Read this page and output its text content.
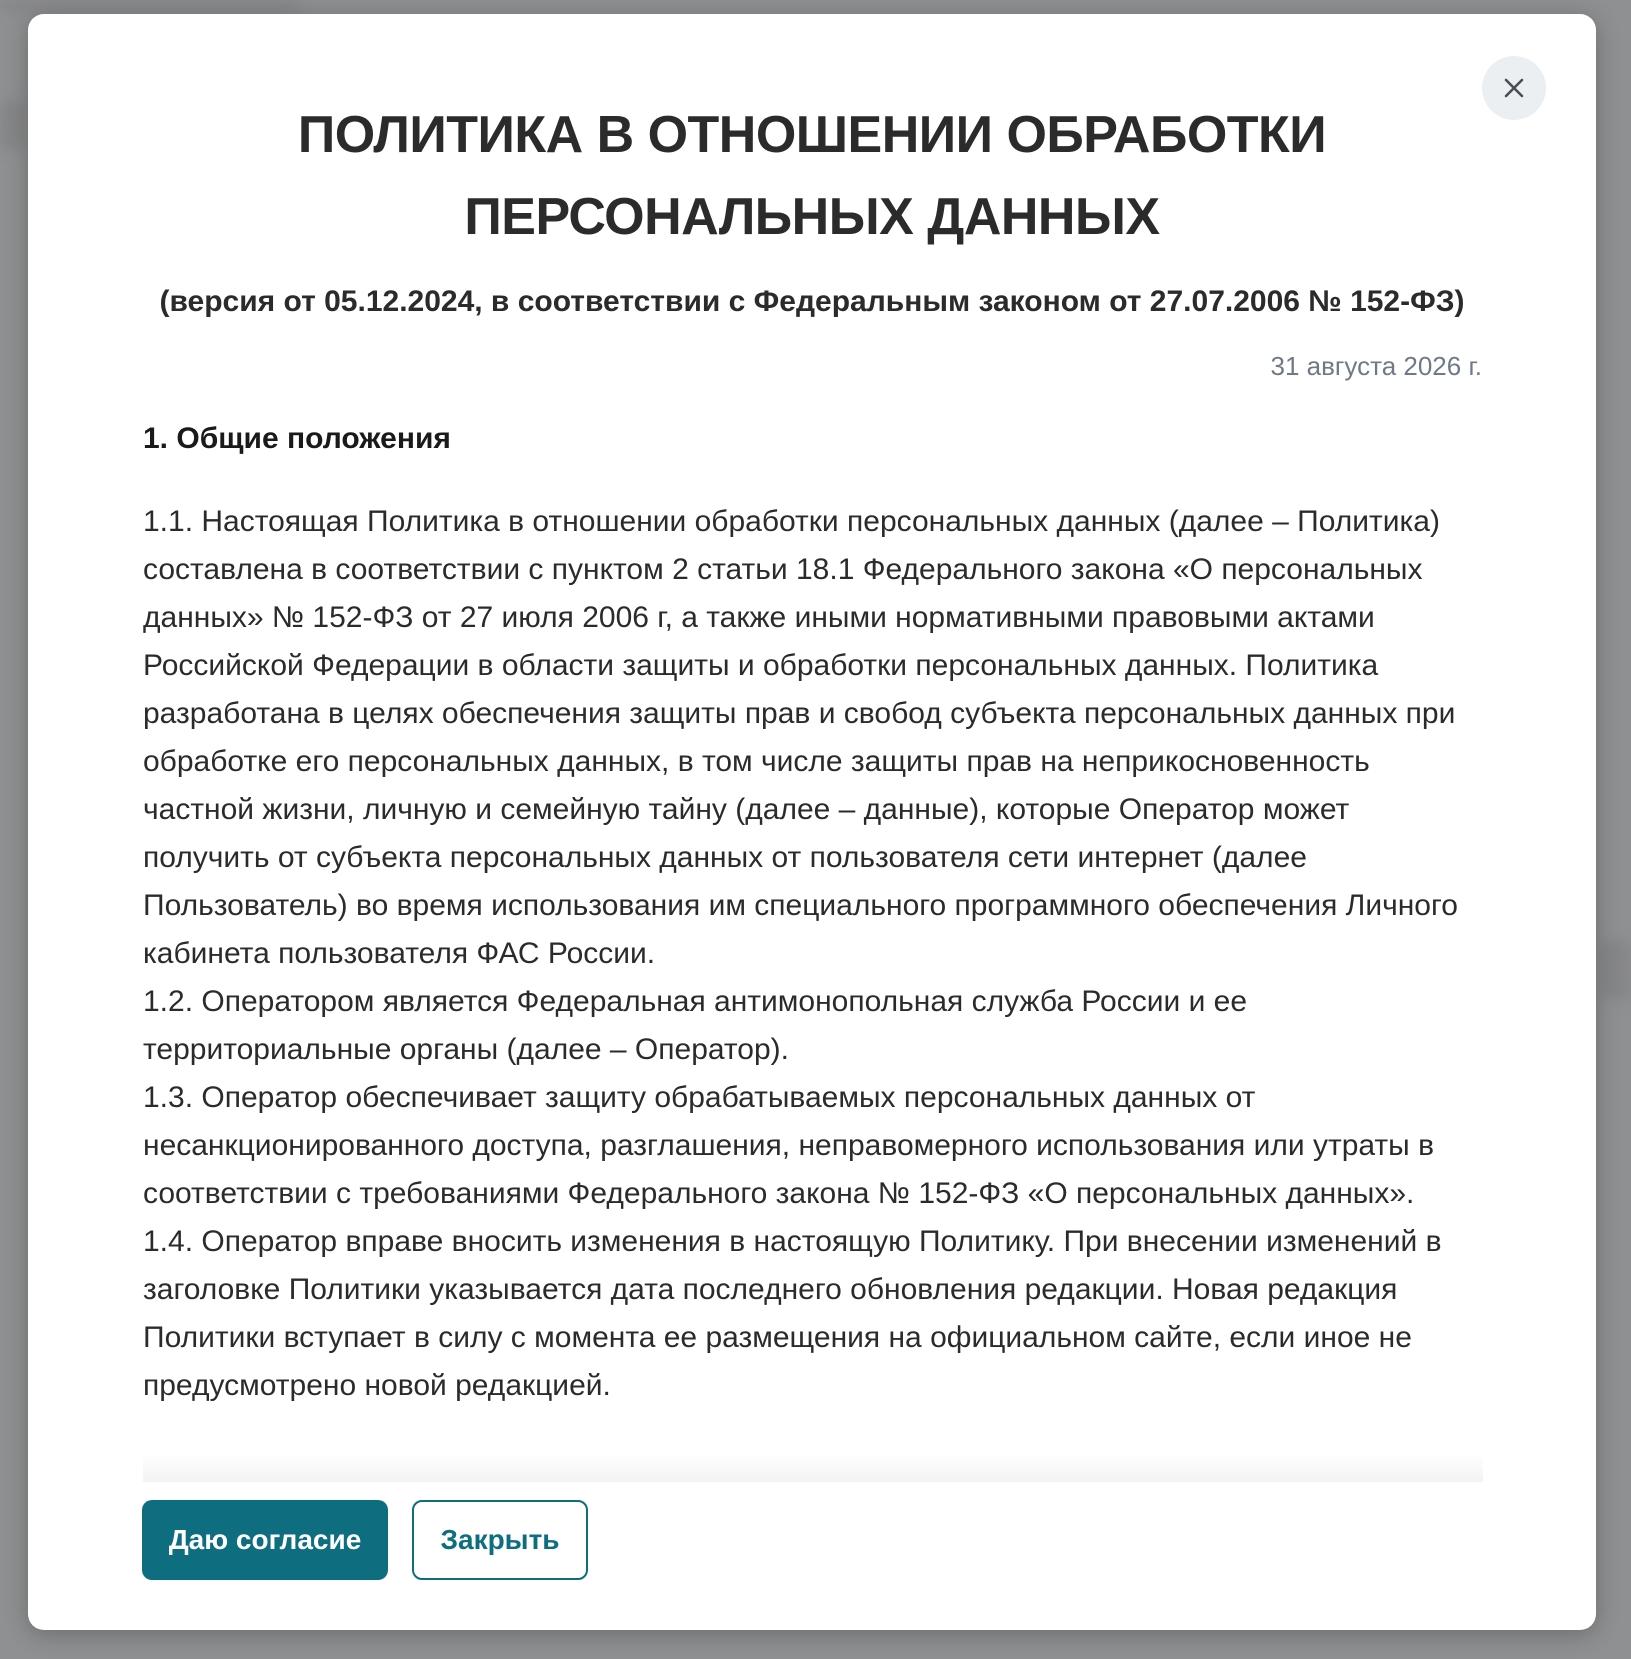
ПОЛИТИКА В ОТНОШЕНИИ ОБРАБОТКИ ПЕРСОНАЛЬНЫХ ДАННЫХ

(версия от 05.12.2024, в соответствии с Федеральным законом от 27.07.2006 № 152-ФЗ)

31 августа 2026 г.

1. Общие положения
1.1. Настоящая Политика в отношении обработки персональных данных (далее – Политика) составлена в соответствии с пунктом 2 статьи 18.1 Федерального закона «О персональных данных» № 152-ФЗ от 27 июля 2006 г, а также иными нормативными правовыми актами Российской Федерации в области защиты и обработки персональных данных. Политика разработана в целях обеспечения защиты прав и свобод субъекта персональных данных при обработке его персональных данных, в том числе защиты прав на неприкосновенность частной жизни, личную и семейную тайну (далее – данные), которые Оператор может получить от субъекта персональных данных от пользователя сети интернет (далее Пользователь) во время использования им специального программного обеспечения Личного кабинета пользователя ФАС России.
1.2. Оператором является Федеральная антимонопольная служба России и ее территориальные органы (далее – Оператор).
1.3. Оператор обеспечивает защиту обрабатываемых персональных данных от несанкционированного доступа, разглашения, неправомерного использования или утраты в соответствии с требованиями Федерального закона № 152-ФЗ «О персональных данных».
1.4. Оператор вправе вносить изменения в настоящую Политику. При внесении изменений в заголовке Политики указывается дата последнего обновления редакции. Новая редакция Политики вступает в силу с момента ее размещения на официальном сайте, если иное не предусмотрено новой редакцией.
Даю согласие	Закрыть
